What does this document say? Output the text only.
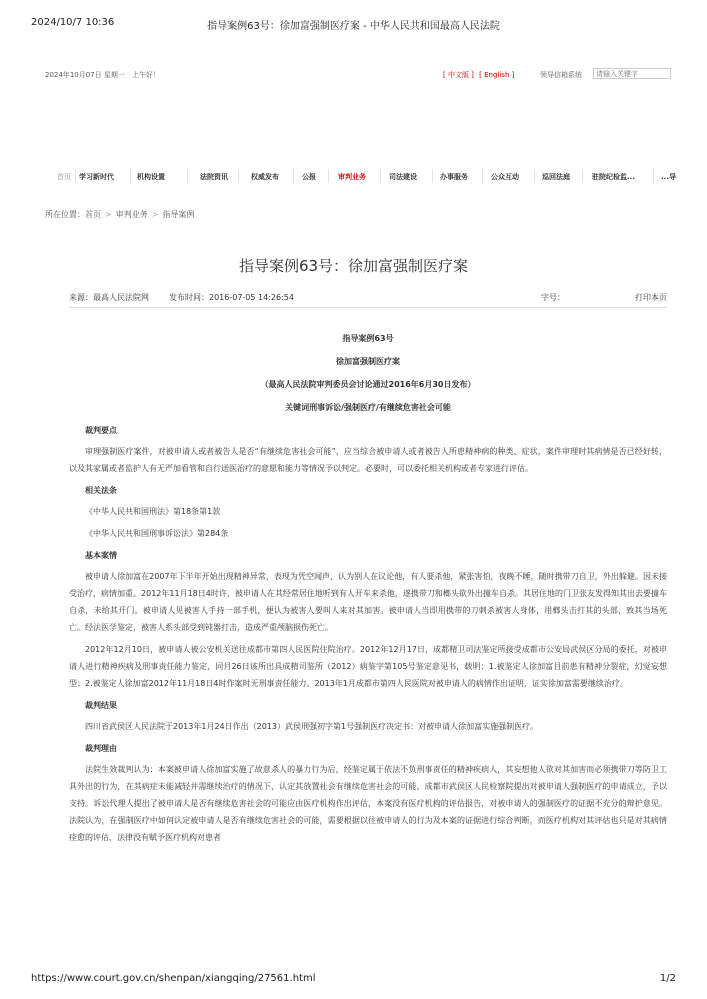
2024/10/7 10:36	指导案例63号：徐加富强制医疗案 - 中华人民共和国最高人民法院
2024年10月07日 星期一　上午好！	[ 中文版 ] [ English ]	领导信箱系统
请输入关键字
首页 学习新时代	机构设置	法院资讯	权威发布	公报	审判业务	司法建设	办事服务	公众互动	巡回法庭	驻院纪检监...	...导
所在位置：首页 > 审判业务 > 指导案例
指导案例63号：徐加富强制医疗案
来源：最高人民法院网	发布时间：2016-07-05 14:26:54	字号：	打印本页

指导案例63号

徐加富强制医疗案

（最高人民法院审判委员会讨论通过2016年6月30日发布）

关键词刑事诉讼/强制医疗/有继续危害社会可能

裁判要点

审理强制医疗案件，对被申请人或者被告人是否“有继续危害社会可能”，应当综合被申请人或者被告人所患精神病的种类、症状，案件审理时其病情是否已经好转，以及其家属或者监护人有无严加看管和自行送医治疗的意愿和能力等情况予以判定。必要时，可以委托相关机构或者专家进行评估。

相关法条

《中华人民共和国刑法》第18条第1款

《中华人民共和国刑事诉讼法》第284条

基本案情

被申请人徐加富在2007年下半年开始出现精神异常，表现为凭空闻声，认为别人在议论他，有人要杀他，紧张害怕，夜晚不睡，随时携带刀自卫，外出躲避。因未接受治疗，病情加重。2012年11月18日4时许，被申请人在其经常居住地听到有人开车来杀他，遂携带刀和榔头欲外出撞车自杀。其居住地的门卫张友发得知其出去要撞车自杀，未给其开门。被申请人见被害人手持一部手机，便认为被害人要叫人来对其加害。被申请人当即用携带的刀刺杀被害人身体，用榔头击打其的头部，致其当场死亡。经法医学鉴定，被害人系头部受到钝器打击，造成严重颅脑损伤死亡。

2012年12月10日，被申请人被公安机关送往成都市第四人民医院住院治疗。2012年12月17日，成都精卫司法鉴定所接受成都市公安局武侯区分局的委托，对被申请人进行精神疾病及刑事责任能力鉴定，同月26日该所出具成精司鉴所（2012）病鉴字第105号鉴定意见书，载明：1.被鉴定人徐加富目前患有精神分裂症，幻觉妄想型；2.被鉴定人徐加富2012年11月18日4时作案时无刑事责任能力。2013年1月成都市第四人民医院对被申请人的病情作出证明，证实徐加富需要继续治疗。

裁判结果

四川省武侯区人民法院于2013年1月24日作出（2013）武侯刑强初字第1号强制医疗决定书：对被申请人徐加富实施强制医疗。

裁判理由

法院生效裁判认为：本案被申请人徐加富实施了故意杀人的暴力行为后，经鉴定属于依法不负刑事责任的精神疾病人，其妄想他人欲对其加害而必须携带刀等防卫工具外出的行为，在其病症未能减轻并需继续治疗的情况下，认定其放置社会有继续危害社会的可能。成都市武侯区人民检察院提出对被申请人强制医疗的申请成立，予以支持。诉讼代理人提出了被申请人是否有继续危害社会的可能应由医疗机构作出评估，本案没有医疗机构的评估报告，对被申请人的强制医疗的证据不充分的辩护意见。法院认为，在强制医疗中如何认定被申请人是否有继续危害社会的可能，需要根据以往被申请人的行为及本案的证据进行综合判断，而医疗机构对其评估也只是对其病情痊愈的评估，法律没有赋予医疗机构对患者

https://www.court.gov.cn/shenpan/xiangqing/27561.html	1/2
